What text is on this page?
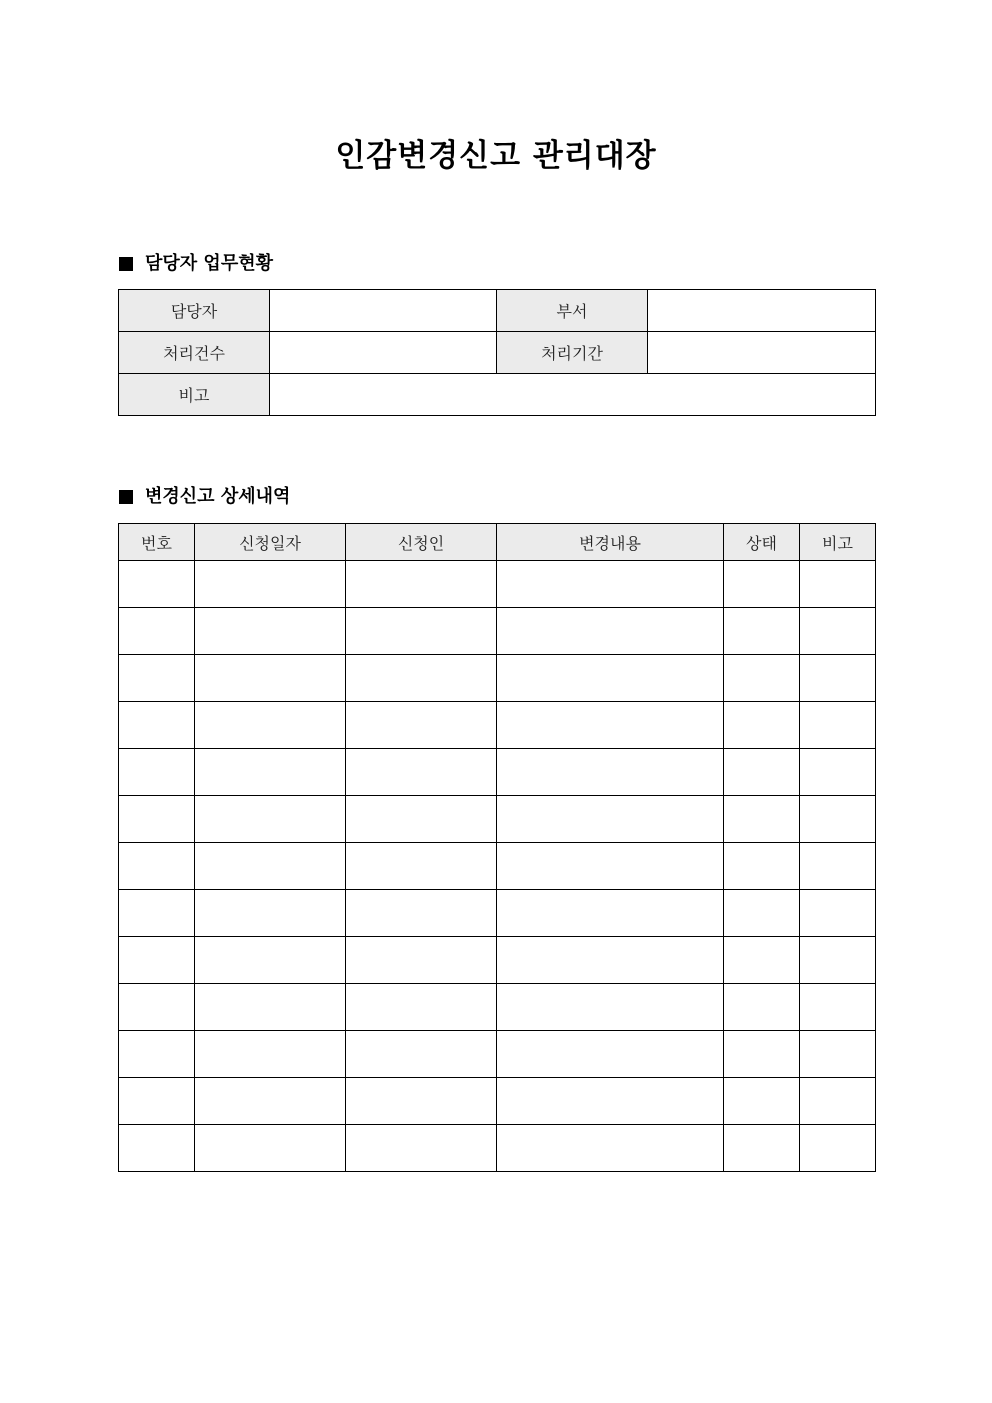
인감변경신고 관리대장
담당자 업무현황
담당자		부서	
처리건수		처리기간	
비고			
변경신고 상세내역
번호	신청일자	신청인	변경내용	상태	비고
